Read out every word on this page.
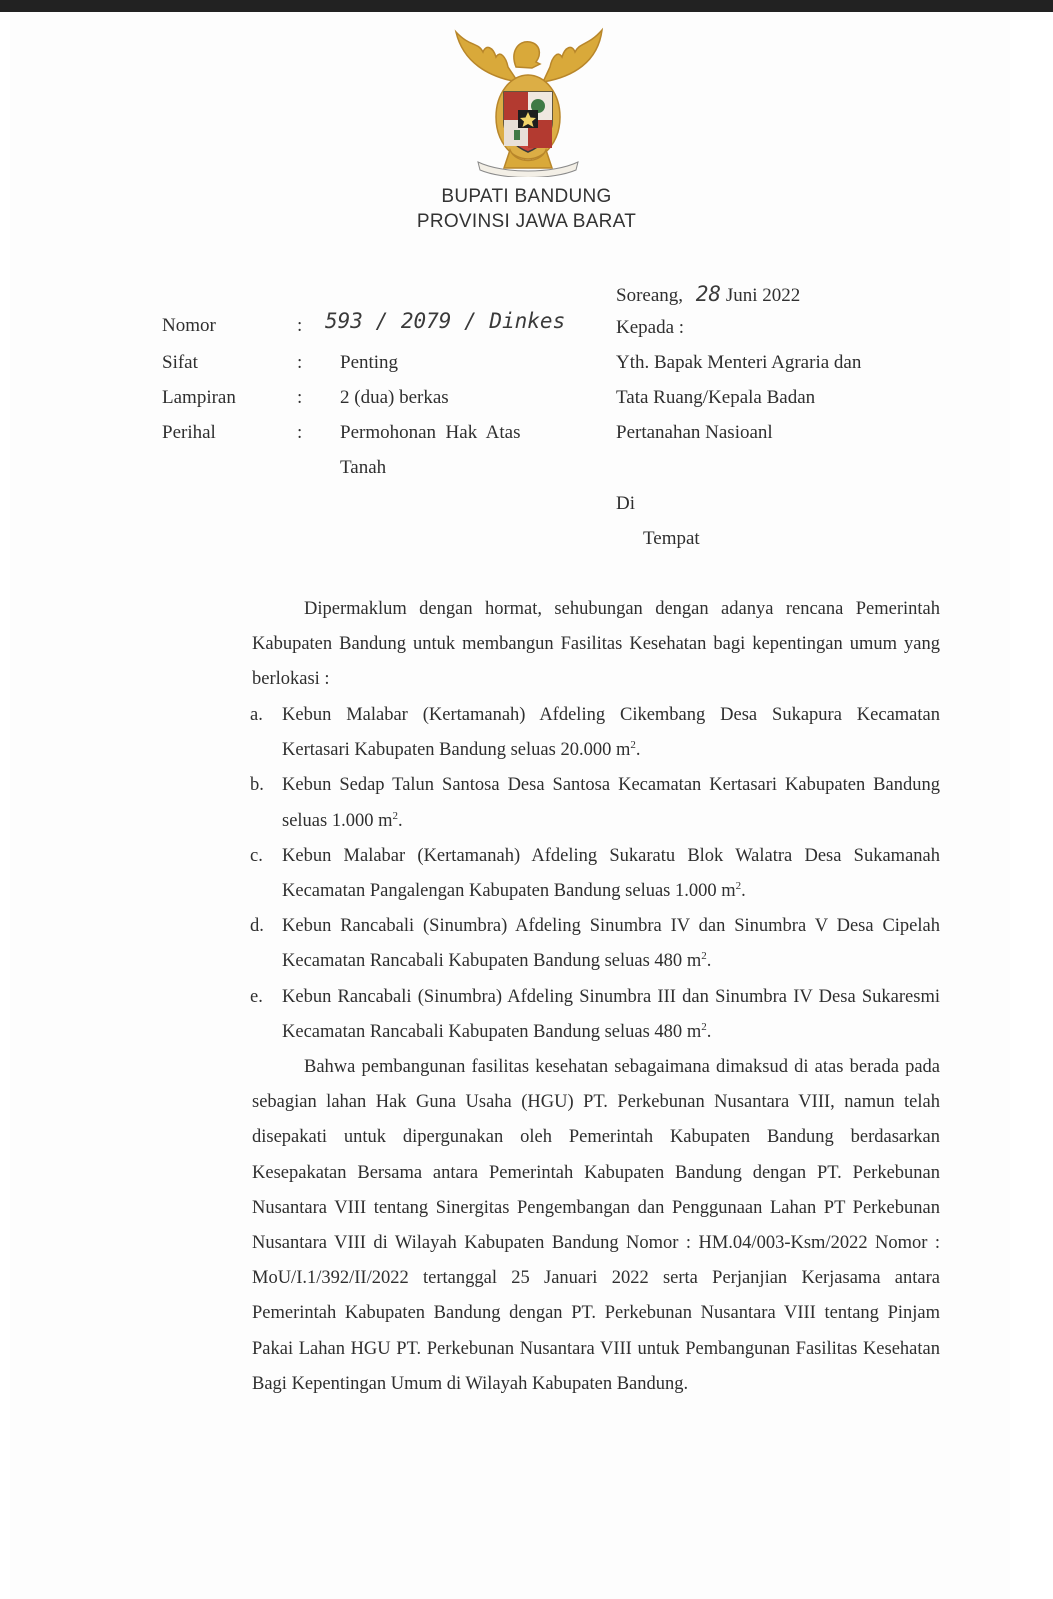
BUPATI BANDUNG
PROVINSI JAWA BARAT
Soreang, 28 Juni 2022
Nomor	: 593 / 2079 / Dinkes
Sifat	: Penting
Lampiran	: 2 (dua) berkas
Perihal	: Permohonan  Hak  Atas
Tanah
Kepada :
Yth. Bapak Menteri Agraria dan
Tata Ruang/Kepala Badan
Pertanahan Nasioanl
Di
Tempat
Dipermaklum dengan hormat, sehubungan dengan adanya rencana Pemerintah Kabupaten Bandung untuk membangun Fasilitas Kesehatan bagi kepentingan umum yang berlokasi :
a. Kebun Malabar (Kertamanah) Afdeling Cikembang Desa Sukapura Kecamatan Kertasari Kabupaten Bandung seluas 20.000 $m^2$.
b. Kebun Sedap Talun Santosa Desa Santosa Kecamatan Kertasari Kabupaten Bandung seluas 1.000 $m^2$.
c. Kebun Malabar (Kertamanah) Afdeling Sukaratu Blok Walatra Desa Sukamanah Kecamatan Pangalengan Kabupaten Bandung seluas 1.000 $m^2$.
d. Kebun Rancabali (Sinumbra) Afdeling Sinumbra IV dan Sinumbra V Desa Cipelah Kecamatan Rancabali Kabupaten Bandung seluas 480 $m^2$.
e. Kebun Rancabali (Sinumbra) Afdeling Sinumbra III dan Sinumbra IV Desa Sukaresmi Kecamatan Rancabali Kabupaten Bandung seluas 480 $m^2$.
Bahwa pembangunan fasilitas kesehatan sebagaimana dimaksud di atas berada pada sebagian lahan Hak Guna Usaha (HGU) PT. Perkebunan Nusantara VIII, namun telah disepakati untuk dipergunakan oleh Pemerintah Kabupaten Bandung berdasarkan Kesepakatan Bersama antara Pemerintah Kabupaten Bandung dengan PT. Perkebunan Nusantara VIII tentang Sinergitas Pengembangan dan Penggunaan Lahan PT Perkebunan Nusantara VIII di Wilayah Kabupaten Bandung Nomor : HM.04/003-Ksm/2022 Nomor : MoU/I.1/392/II/2022 tertanggal 25 Januari 2022 serta Perjanjian Kerjasama antara Pemerintah Kabupaten Bandung dengan PT. Perkebunan Nusantara VIII tentang Pinjam Pakai Lahan HGU PT. Perkebunan Nusantara VIII untuk Pembangunan Fasilitas Kesehatan Bagi Kepentingan Umum di Wilayah Kabupaten Bandung.
